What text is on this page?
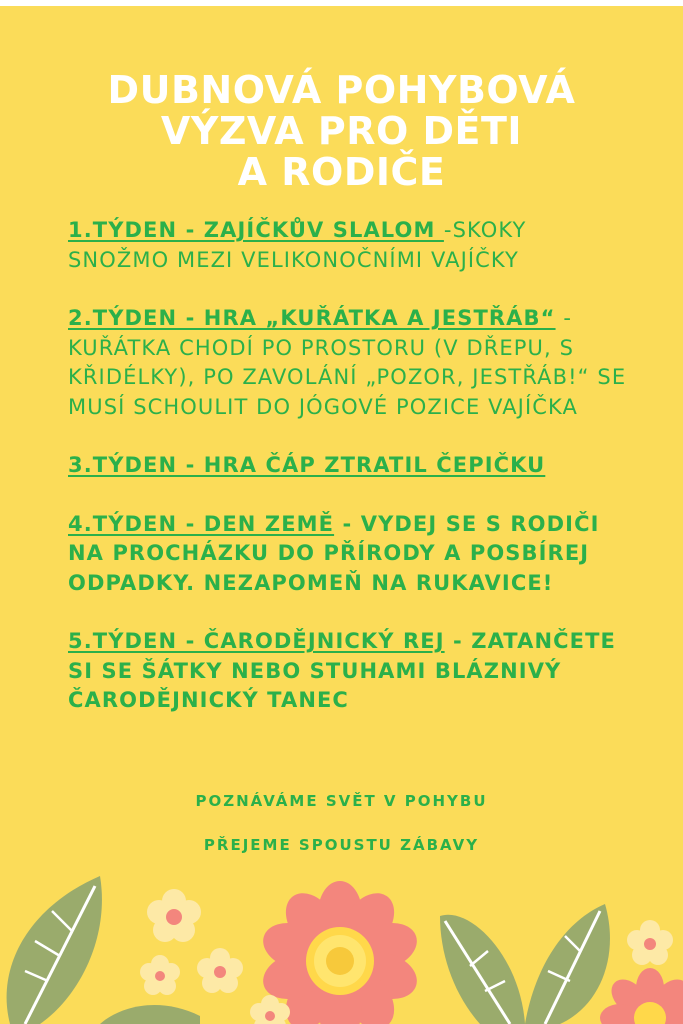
DUBNOVÁ POHYBOVÁ
VÝZVA PRO DĚTI
A RODIČE
1.TÝDEN - ZAJÍČKŮV SLALOM -SKOKY SNOŽMO MEZI VELIKONOČNÍMI VAJÍČKY
2.TÝDEN - HRA „KUŘÁTKA A JESTŘÁB“ - KUŘÁTKA CHODÍ PO PROSTORU (V DŘEPU, S KŘIDÉLKY), PO ZAVOLÁNÍ „POZOR, JESTŘÁB!“ SE MUSÍ SCHOULIT DO JÓGOVÉ POZICE VAJÍČKA
3.TÝDEN - HRA ČÁP ZTRATIL ČEPIČKU
4.TÝDEN - DEN ZEMĚ - VYDEJ SE S RODIČI NA PROCHÁZKU DO PŘÍRODY A POSBÍREJ ODPADKY. NEZAPOMEŇ NA RUKAVICE!
5.TÝDEN - ČARODĚJNICKÝ REJ - ZATANČETE SI SE ŠÁTKY NEBO STUHAMI BLÁZNIVÝ ČARODĚJNICKÝ TANEC
POZNÁVÁME SVĚT V POHYBU
PŘEJEME SPOUSTU ZÁBAVY
